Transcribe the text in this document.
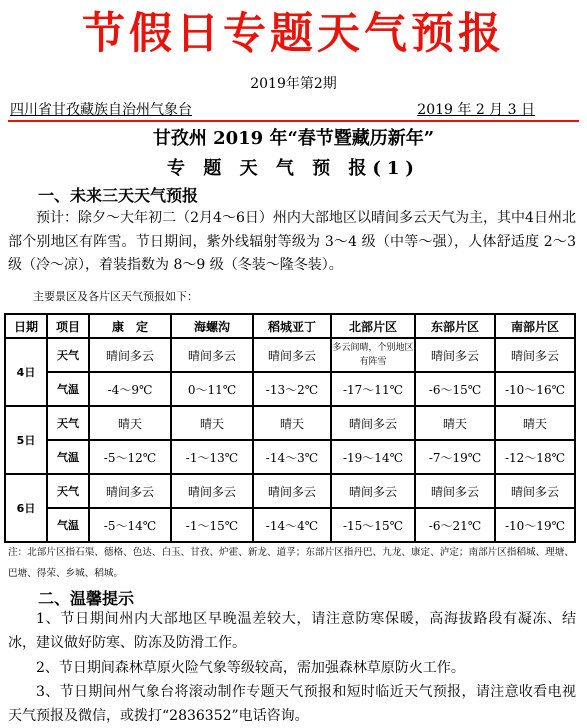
节假日专题天气预报
2019年第2期
四川省甘孜藏族自治州气象台	2019 年 2 月 3 日
甘孜州 2019 年“春节暨藏历新年”
专 题 天 气 预 报(1)
一、未来三天天气预报
预计：除夕～大年初二（2月4～6日）州内大部地区以晴间多云天气为主，其中4日州北部个别地区有阵雪。节日期间，紫外线辐射等级为 3～4 级（中等～强），人体舒适度 2～3 级（冷～凉），着装指数为 8～9 级（冬装～隆冬装）。
主要景区及各片区天气预报如下：
日期	项目	康　定	海螺沟	稻城亚丁	北部片区	东部片区	南部片区
4日	天气	晴间多云	晴间多云	晴间多云	多云间晴，个别地区有阵雪	晴间多云	晴间多云
	气温	-4～9℃	0～11℃	-13～2℃	-17～11℃	-6～15℃	-10～16℃
5日	天气	晴天	晴天	晴天	晴间多云	晴天	晴天
	气温	-5～12℃	-1～13℃	-14～3℃	-19～14℃	-7～19℃	-12～18℃
6日	天气	晴间多云	晴间多云	晴间多云	晴间多云	晴间多云	晴间多云
	气温	-5～14℃	-1～15℃	-14～4℃	-15～15℃	-6～21℃	-10～19℃
注：北部片区指石渠、德格、色达、白玉、甘孜、炉霍、新龙、道孚；东部片区指丹巴、九龙、康定、泸定；南部片区指稻城、理塘、巴塘、得荣、乡城、稻城。
二、温馨提示
1、节日期间州内大部地区早晚温差较大，请注意防寒保暖，高海拔路段有凝冻、结冰，建议做好防寒、防冻及防滑工作。
2、节日期间森林草原火险气象等级较高，需加强森林草原防火工作。
3、节日期间州气象台将滚动制作专题天气预报和短时临近天气预报，请注意收看电视天气预报及微信，或拨打“2836352”电话咨询。
